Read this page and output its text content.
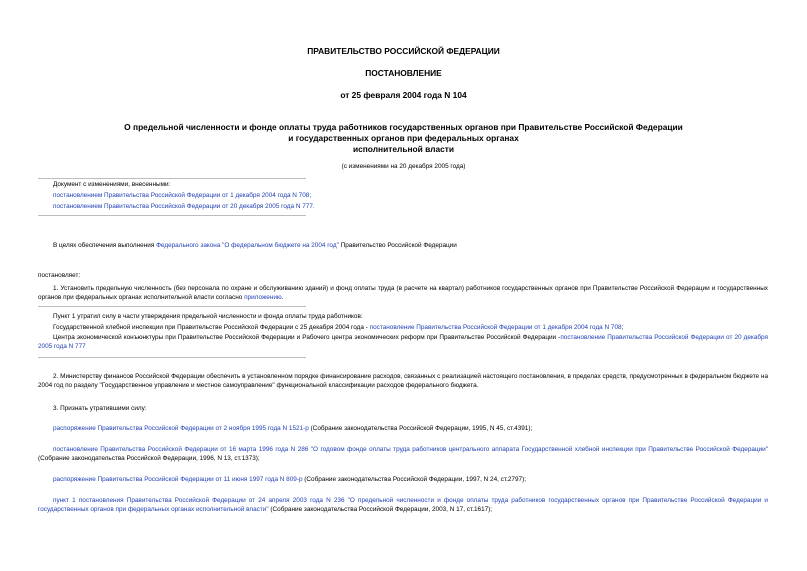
ПРАВИТЕЛЬСТВО РОССИЙСКОЙ ФЕДЕРАЦИИ
ПОСТАНОВЛЕНИЕ
от 25 февраля 2004 года N 104
О предельной численности и фонде оплаты труда работников государственных органов при Правительстве Российской Федерации
и государственных органов при федеральных органах
исполнительной власти
(с изменениями на 20 декабря 2005 года)
Документ с изменениями, внесенными:
постановлением Правительства Российской Федерации от 1 декабря 2004 года N 708;
постановлением Правительства Российской Федерации от 20 декабря 2005 года N 777.
В целях обеспечения выполнения Федерального закона "О федеральном бюджете на 2004 год" Правительство Российской Федерации
постановляет:
1. Установить предельную численность (без персонала по охране и обслуживанию зданий) и фонд оплаты труда (в расчете на квартал) работников государственных органов при Правительстве Российской Федерации и государственных органов при федеральных органах исполнительной власти согласно приложению.
Пункт 1 утратил силу в части утверждения предельной численности и фонда оплаты труда работников:
Государственной хлебной инспекции при Правительстве Российской Федерации с 25 декабря 2004 года - постановление Правительства Российской Федерации от 1 декабря 2004 года N 708;
Центра экономической конъюнктуры при Правительстве Российской Федерации и Рабочего центра экономических реформ при Правительстве Российской Федерации -постановление Правительства Российской Федерации от 20 декабря 2005 года N 777
2. Министерству финансов Российской Федерации обеспечить в установленном порядке финансирование расходов, связанных с реализацией настоящего постановления, в пределах средств, предусмотренных в федеральном бюджете на 2004 год по разделу "Государственное управление и местное самоуправление" функциональной классификации расходов федерального бюджета.
3. Признать утратившими силу:
распоряжение Правительства Российской Федерации от 2 ноября 1995 года N 1521-р (Собрание законодательства Российской Федерации, 1995, N 45, ст.4391);
постановление Правительства Российской Федерации от 16 марта 1996 года N 286 "О годовом фонде оплаты труда работников центрального аппарата Государственной хлебной инспекции при Правительстве Российской Федерации" (Собрание законодательства Российской Федерации, 1996, N 13, ст.1373);
распоряжение Правительства Российской Федерации от 11 июня 1997 года N 809-р (Собрание законодательства Российской Федерации, 1997, N 24, ст.2797);
пункт 1 постановления Правительства Российской Федерации от 24 апреля 2003 года N 236 "О предельной численности и фонде оплаты труда работников государственных органов при Правительстве Российской Федерации и государственных органов при федеральных органах исполнительной власти" (Собрание законодательства Российской Федерации, 2003, N 17, ст.1617);
